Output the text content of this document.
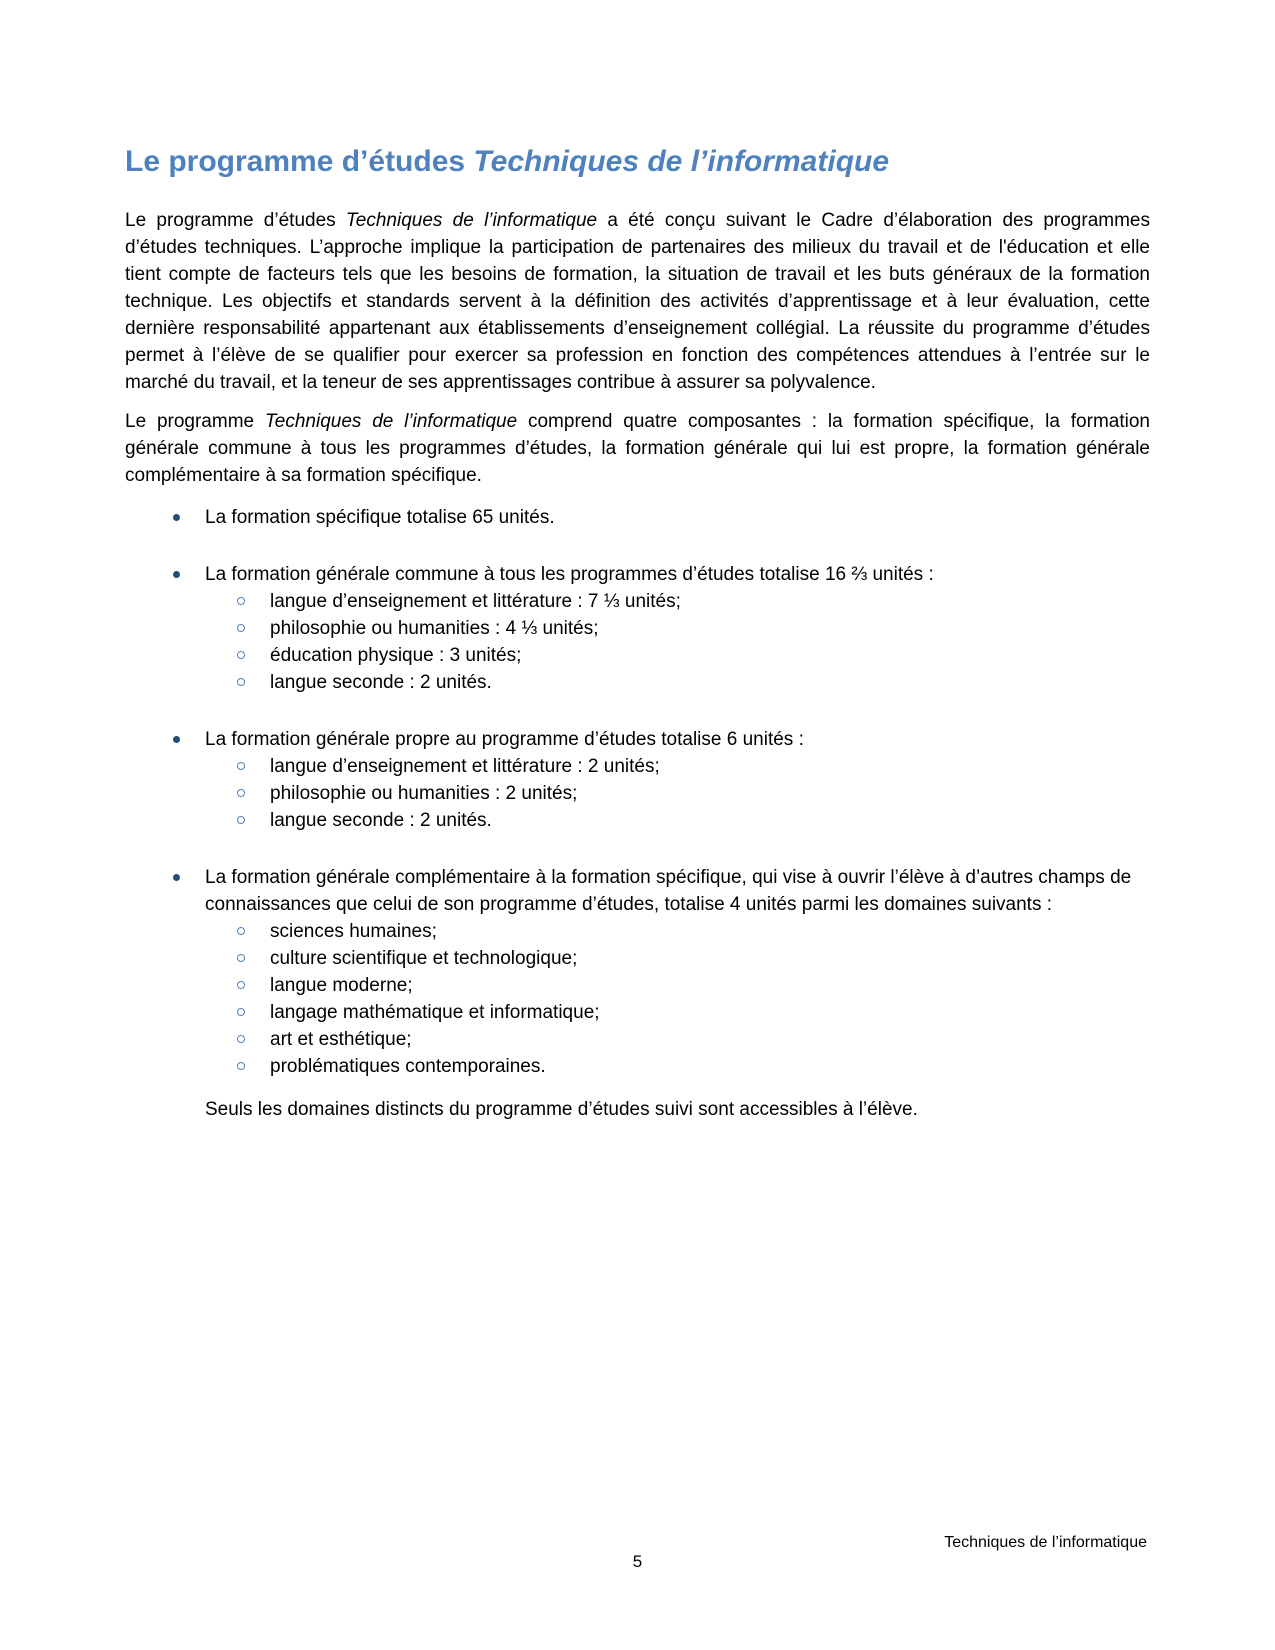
Le programme d’études Techniques de l’informatique

Le programme d’études Techniques de l’informatique a été conçu suivant le Cadre d’élaboration des programmes d’études techniques. L’approche implique la participation de partenaires des milieux du travail et de l'éducation et elle tient compte de facteurs tels que les besoins de formation, la situation de travail et les buts généraux de la formation technique. Les objectifs et standards servent à la définition des activités d’apprentissage et à leur évaluation, cette dernière responsabilité appartenant aux établissements d’enseignement collégial. La réussite du programme d’études permet à l’élève de se qualifier pour exercer sa profession en fonction des compétences attendues à l’entrée sur le marché du travail, et la teneur de ses apprentissages contribue à assurer sa polyvalence.

Le programme Techniques de l’informatique comprend quatre composantes : la formation spécifique, la formation générale commune à tous les programmes d’études, la formation générale qui lui est propre, la formation générale complémentaire à sa formation spécifique.

La formation spécifique totalise 65 unités.
La formation générale commune à tous les programmes d’études totalise 16 ⅔ unités :
langue d’enseignement et littérature : 7 ⅓ unités;
philosophie ou humanities : 4 ⅓ unités;
éducation physique : 3 unités;
langue seconde : 2 unités.
La formation générale propre au programme d’études totalise 6 unités :
langue d’enseignement et littérature : 2 unités;
philosophie ou humanities : 2 unités;
langue seconde : 2 unités.
La formation générale complémentaire à la formation spécifique, qui vise à ouvrir l’élève à d’autres champs de connaissances que celui de son programme d’études, totalise 4 unités parmi les domaines suivants :
sciences humaines;
culture scientifique et technologique;
langue moderne;
langage mathématique et informatique;
art et esthétique;
problématiques contemporaines.

Seuls les domaines distincts du programme d’études suivi sont accessibles à l’élève.

Techniques de l’informatique
5
